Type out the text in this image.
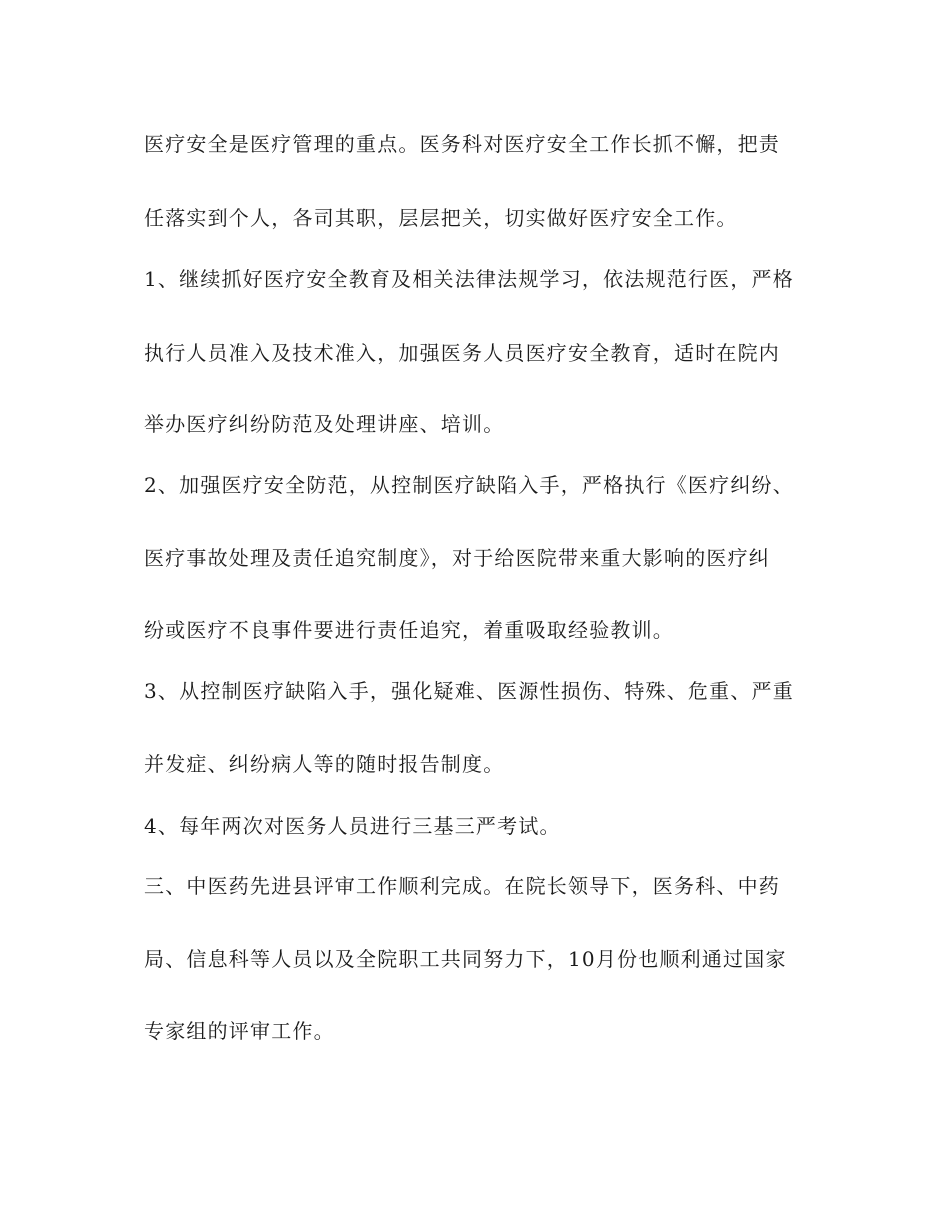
医疗安全是医疗管理的重点。医务科对医疗安全工作长抓不懈，把责
任落实到个人，各司其职，层层把关，切实做好医疗安全工作。
1、继续抓好医疗安全教育及相关法律法规学习，依法规范行医，严格
执行人员准入及技术准入，加强医务人员医疗安全教育，适时在院内
举办医疗纠纷防范及处理讲座、培训。
2、加强医疗安全防范，从控制医疗缺陷入手，严格执行《医疗纠纷、
医疗事故处理及责任追究制度》，对于给医院带来重大影响的医疗纠
纷或医疗不良事件要进行责任追究，着重吸取经验教训。
3、从控制医疗缺陷入手，强化疑难、医源性损伤、特殊、危重、严重
并发症、纠纷病人等的随时报告制度。
4、每年两次对医务人员进行三基三严考试。
三、中医药先进县评审工作顺利完成。在院长领导下，医务科、中药
局、信息科等人员以及全院职工共同努力下，10月份也顺利通过国家
专家组的评审工作。
